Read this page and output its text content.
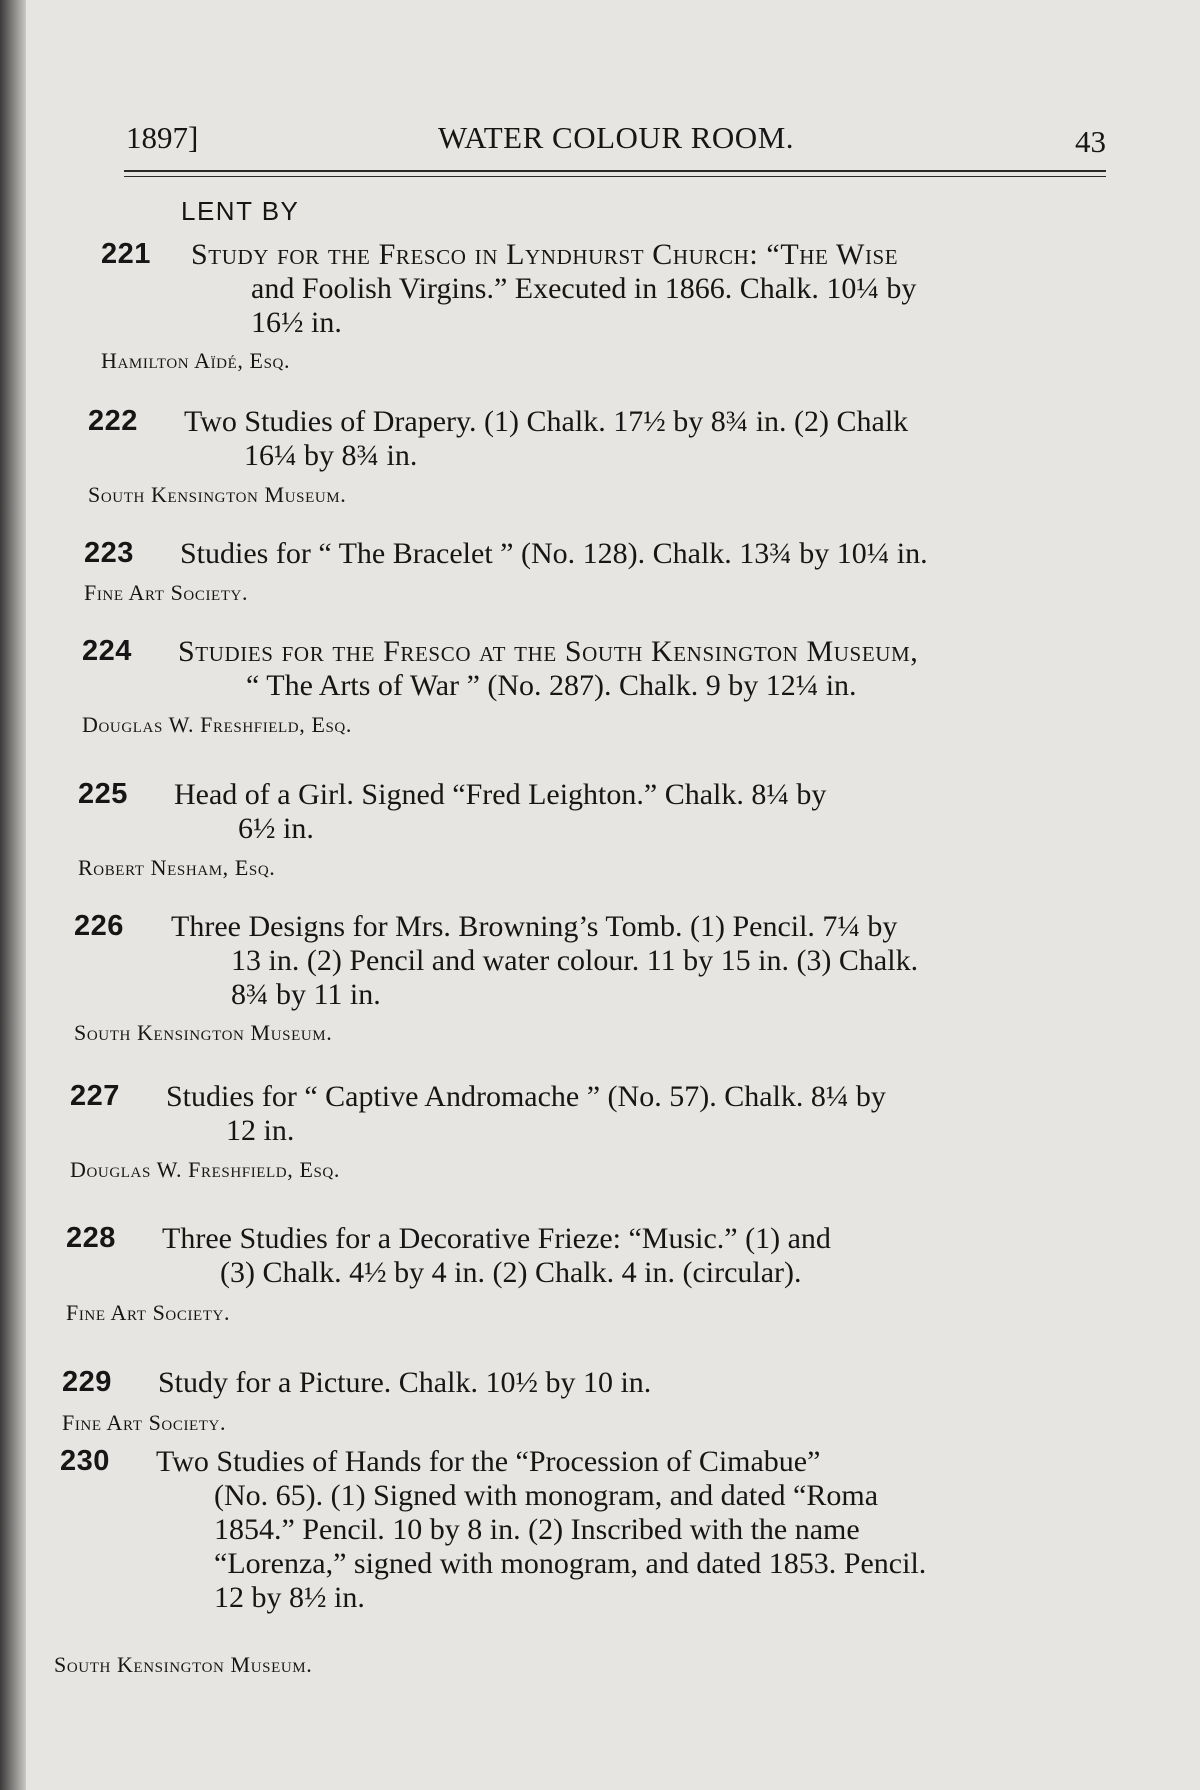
1897]	WATER COLOUR ROOM.	43
LENT BY
221 Study for the Fresco in Lyndhurst Church: “The Wise
and Foolish Virgins.” Executed in 1866. Chalk. 10¼ by
16½ in.
Hamilton Aïdé, Esq.
222 Two Studies of Drapery. (1) Chalk. 17½ by 8¾ in. (2) Chalk
16¼ by 8¾ in.
South Kensington Museum.
223 Studies for “ The Bracelet ” (No. 128). Chalk. 13¾ by 10¼ in.
Fine Art Society.
224 Studies for the Fresco at the South Kensington Museum,
“ The Arts of War ” (No. 287). Chalk. 9 by 12¼ in.
Douglas W. Freshfield, Esq.
225 Head of a Girl. Signed “Fred Leighton.” Chalk. 8¼ by
6½ in.
Robert Nesham, Esq.
226 Three Designs for Mrs. Browning’s Tomb. (1) Pencil. 7¼ by
13 in. (2) Pencil and water colour. 11 by 15 in. (3) Chalk.
8¾ by 11 in.
South Kensington Museum.
227 Studies for “ Captive Andromache ” (No. 57). Chalk. 8¼ by
12 in.
Douglas W. Freshfield, Esq.
228 Three Studies for a Decorative Frieze: “Music.” (1) and
(3) Chalk. 4½ by 4 in. (2) Chalk. 4 in. (circular).
Fine Art Society.
229 Study for a Picture. Chalk. 10½ by 10 in.
Fine Art Society.
230 Two Studies of Hands for the “Procession of Cimabue”
(No. 65). (1) Signed with monogram, and dated “Roma
1854.” Pencil. 10 by 8 in. (2) Inscribed with the name
“Lorenza,” signed with monogram, and dated 1853. Pencil.
12 by 8½ in.
South Kensington Museum.
